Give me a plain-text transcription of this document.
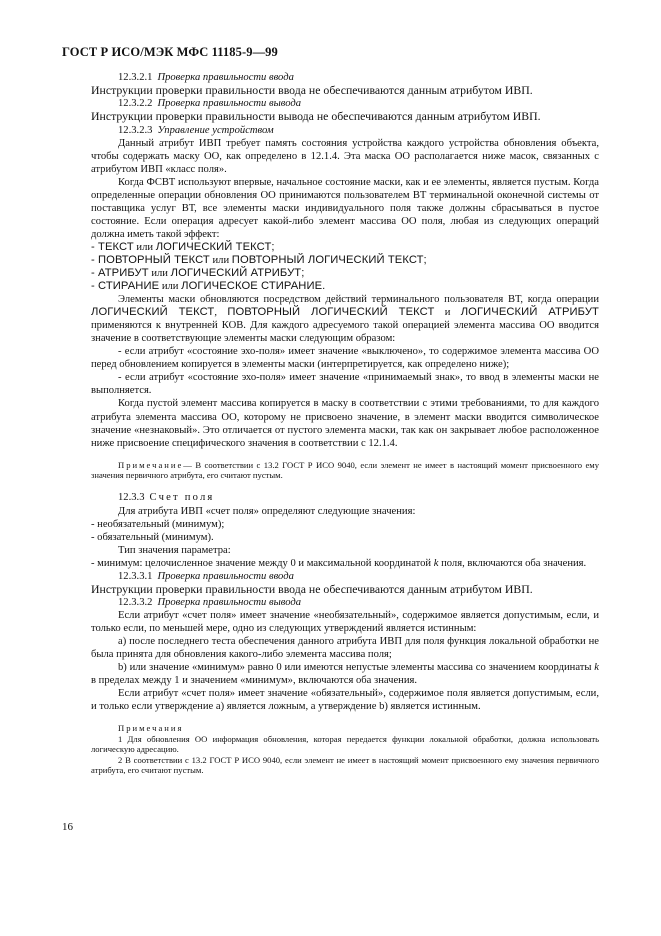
ГОСТ Р ИСО/МЭК МФС 11185-9—99

12.3.2.1 Проверка правильности ввода

Инструкции проверки правильности ввода не обеспечиваются данным атрибутом ИВП.

12.3.2.2 Проверка правильности вывода

Инструкции проверки правильности вывода не обеспечиваются данным атрибутом ИВП.

12.3.2.3 Управление устройством

Данный атрибут ИВП требует память состояния устройства каждого устройства обновления объекта, чтобы содержать маску ОО, как определено в 12.1.4. Эта маска ОО располагается ниже масок, связанных с атрибутом ИВП «класс поля».

Когда ФСВТ используют впервые, начальное состояние маски, как и ее элементы, является пустым. Когда определенные операции обновления ОО принимаются пользователем ВТ терминальной оконечной системы от поставщика услуг ВТ, все элементы маски индивидуального поля также должны сбрасываться в пустое состояние. Если операция адресует какой-либо элемент массива ОО поля, любая из следующих операций должна иметь такой эффект:

- ТЕКСТ или ЛОГИЧЕСКИЙ ТЕКСТ;

- ПОВТОРНЫЙ ТЕКСТ или ПОВТОРНЫЙ ЛОГИЧЕСКИЙ ТЕКСТ;

- АТРИБУТ или ЛОГИЧЕСКИЙ АТРИБУТ;

- СТИРАНИЕ или ЛОГИЧЕСКОЕ СТИРАНИЕ.

Элементы маски обновляются посредством действий терминального пользователя ВТ, когда операции ЛОГИЧЕСКИЙ ТЕКСТ, ПОВТОРНЫЙ ЛОГИЧЕСКИЙ ТЕКСТ и ЛОГИЧЕСКИЙ АТРИБУТ применяются к внутренней КОВ. Для каждого адресуемого такой операцией элемента массива ОО вводится значение в соответствующие элементы маски следующим образом:

- если атрибут «состояние эхо-поля» имеет значение «выключено», то содержимое элемента массива ОО перед обновлением копируется в элементы маски (интерпретируется, как определено ниже);

- если атрибут «состояние эхо-поля» имеет значение «принимаемый знак», то ввод в элементы маски не выполняется.

Когда пустой элемент массива копируется в маску в соответствии с этими требованиями, то для каждого атрибута элемента массива ОО, которому не присвоено значение, в элемент маски вводится символическое значение «незнаковый». Это отличается от пустого элемента маски, так как он закрывает любое расположенное ниже присвоение специфического значения в соответствии с 12.1.4.

Примечание— В соответствии с 13.2 ГОСТ Р ИСО 9040, если элемент не имеет в настоящий момент присвоенного ему значения первичного атрибута, его считают пустым.

12.3.3 Счет поля

Для атрибута ИВП «счет поля» определяют следующие значения:

- необязательный (минимум);

- обязательный (минимум).

Тип значения параметра:

- минимум: целочисленное значение между 0 и максимальной координатой k поля, включаются оба значения.

12.3.3.1 Проверка правильности ввода

Инструкции проверки правильности ввода не обеспечиваются данным атрибутом ИВП.

12.3.3.2 Проверка правильности вывода

Если атрибут «счет поля» имеет значение «необязательный», содержимое является допустимым, если, и только если, по меньшей мере, одно из следующих утверждений является истинным:

a) после последнего теста обеспечения данного атрибута ИВП для поля функция локальной обработки не была принята для обновления какого-либо элемента массива поля;

b) или значение «минимум» равно 0 или имеются непустые элементы массива со значением координаты k в пределах между 1 и значением «минимум», включаются оба значения.

Если атрибут «счет поля» имеет значение «обязательный», содержимое поля является допустимым, если, и только если утверждение a) является ложным, а утверждение b) является истинным.

Примечания

1 Для обновления ОО информация обновления, которая передается функции локальной обработки, должна использовать логическую адресацию.

2 В соответствии с 13.2 ГОСТ Р ИСО 9040, если элемент не имеет в настоящий момент присвоенного ему значения первичного атрибута, его считают пустым.

16
